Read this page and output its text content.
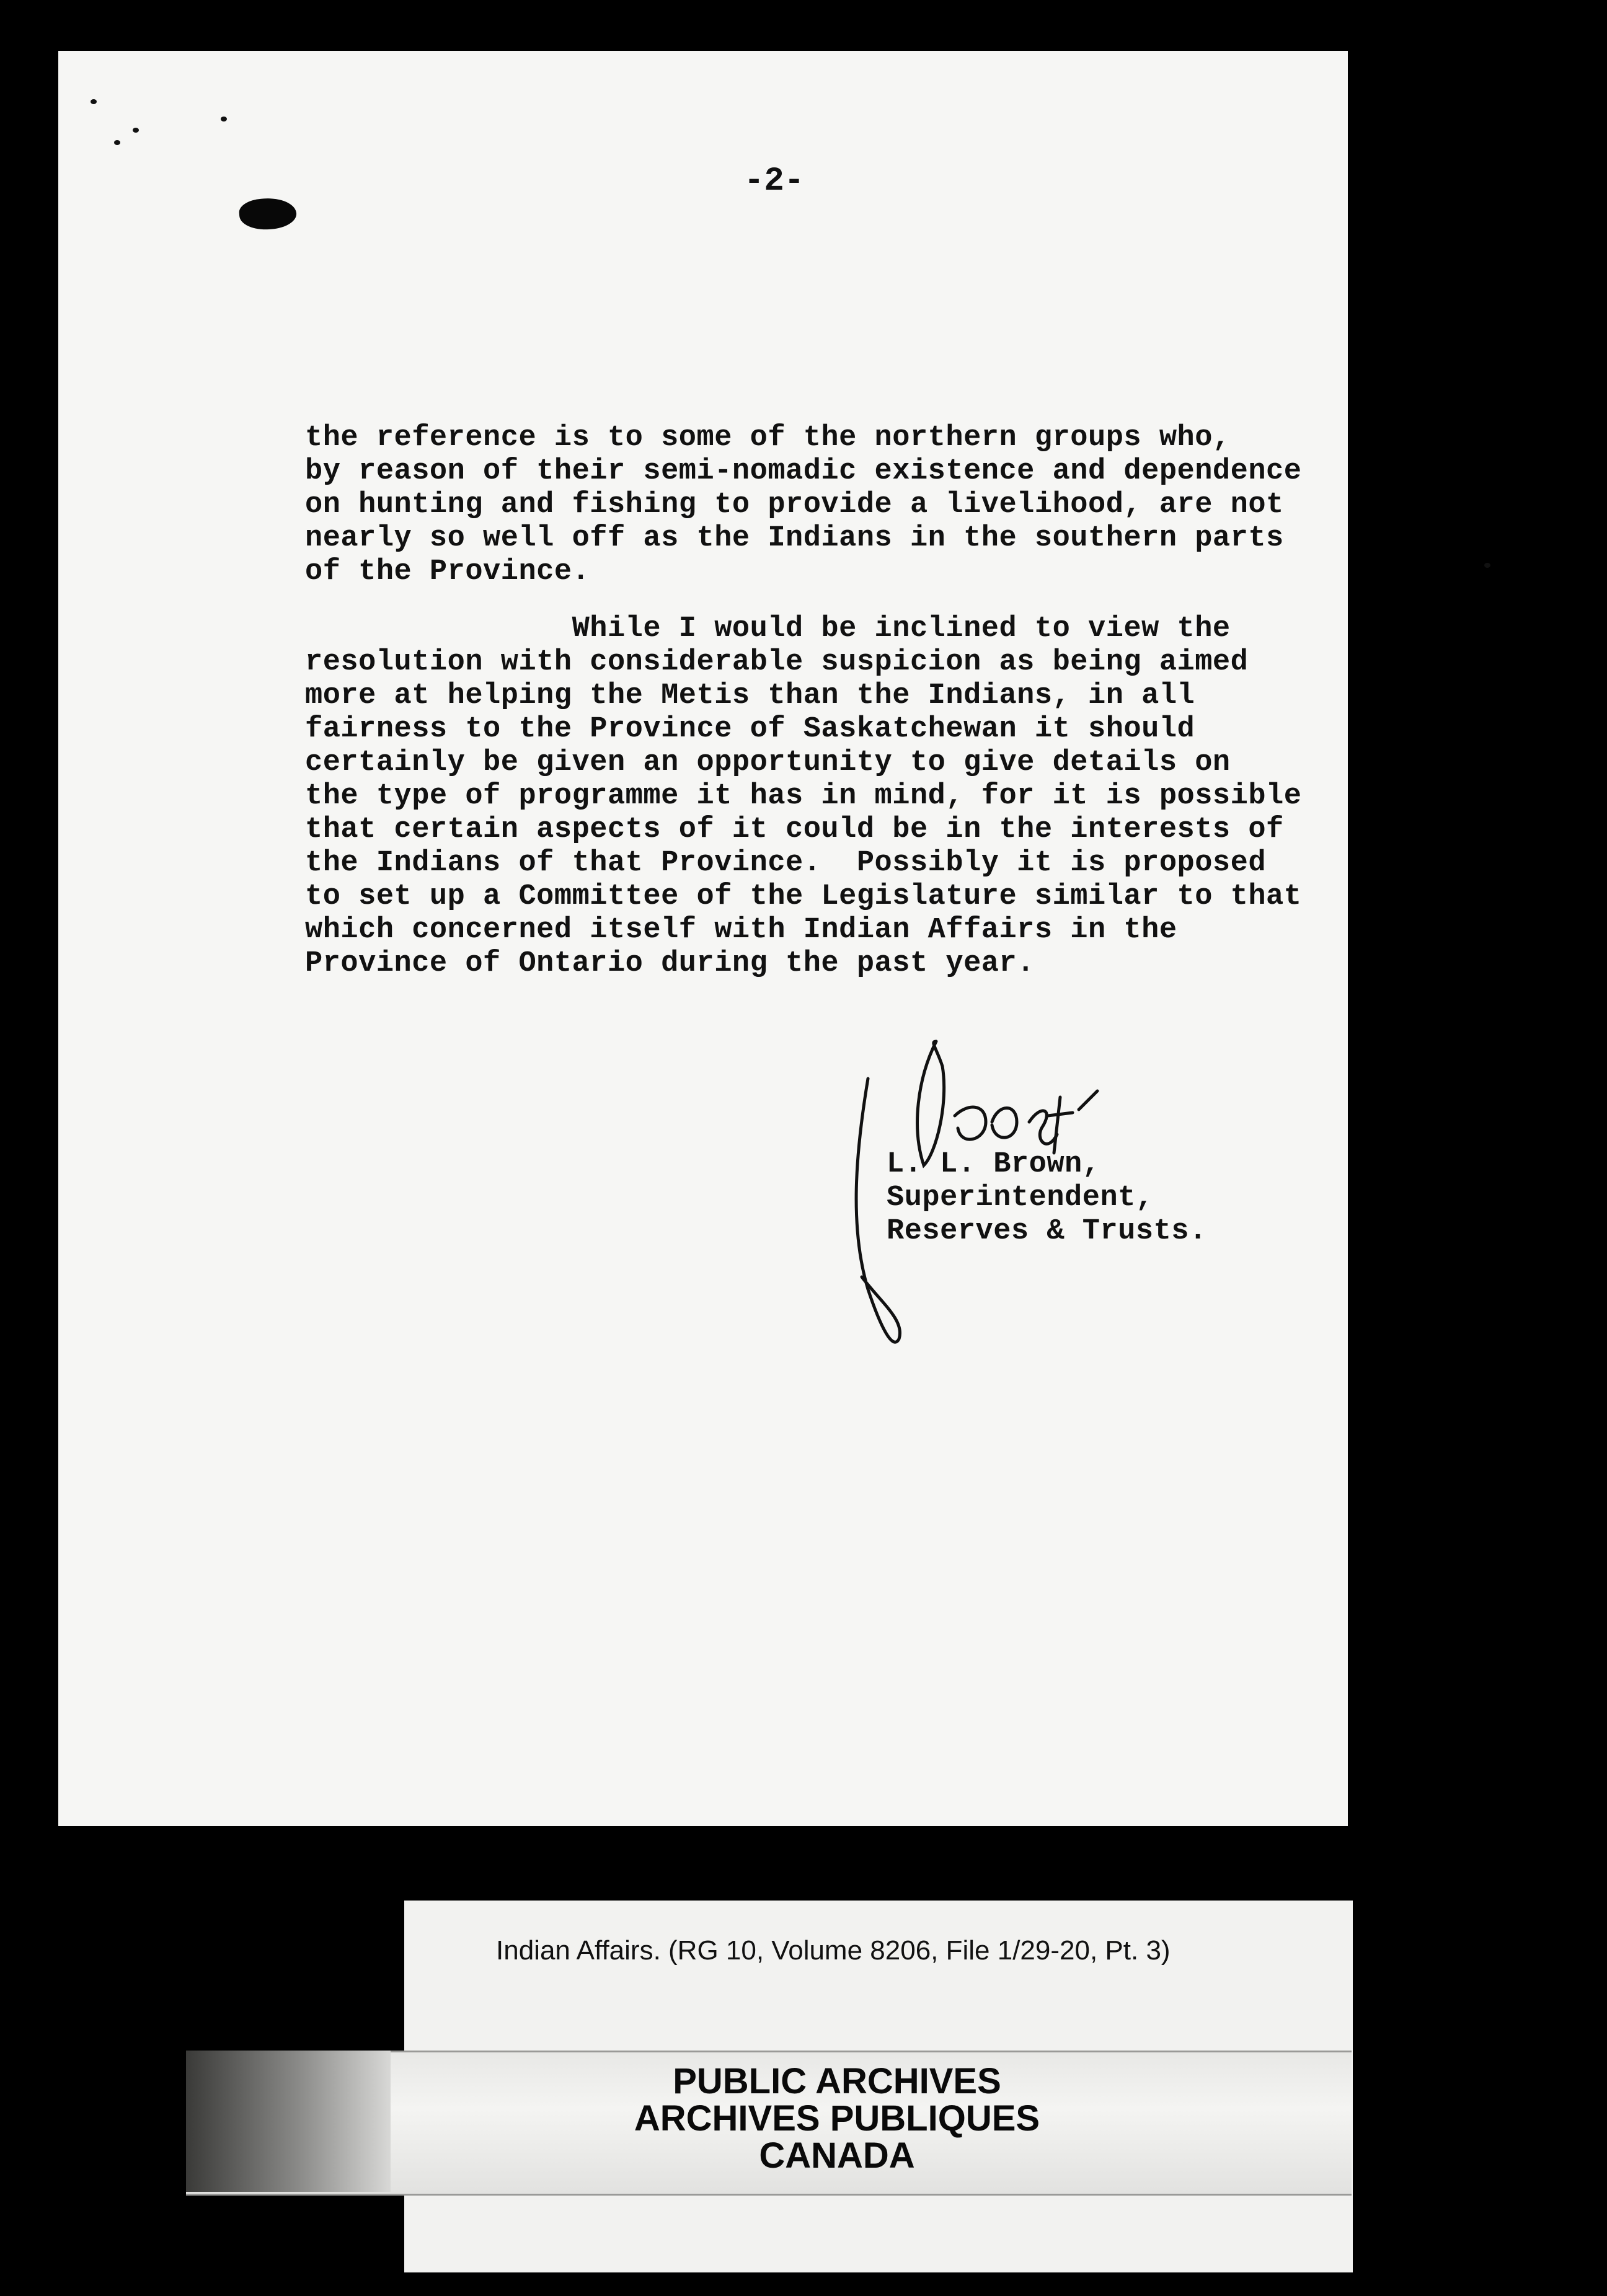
-2-
the reference is to some of the northern groups who,
by reason of their semi-nomadic existence and dependence
on hunting and fishing to provide a livelihood, are not
nearly so well off as the Indians in the southern parts
of the Province.
While I would be inclined to view the
resolution with considerable suspicion as being aimed
more at helping the Metis than the Indians, in all
fairness to the Province of Saskatchewan it should
certainly be given an opportunity to give details on
the type of programme it has in mind, for it is possible
that certain aspects of it could be in the interests of
the Indians of that Province.  Possibly it is proposed
to set up a Committee of the Legislature similar to that
which concerned itself with Indian Affairs in the
Province of Ontario during the past year.
L. L. Brown,
Superintendent,
Reserves & Trusts.
Indian Affairs. (RG 10, Volume 8206, File 1/29-20, Pt. 3)
PUBLIC ARCHIVES
ARCHIVES PUBLIQUES
CANADA
